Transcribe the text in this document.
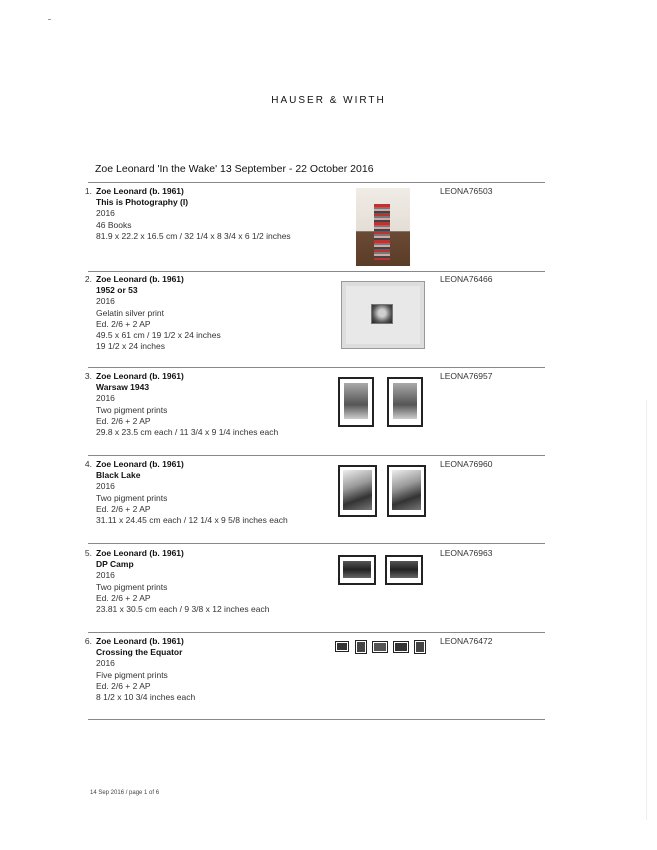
HAUSER & WIRTH
Zoe Leonard 'In the Wake' 13 September - 22 October 2016
1. Zoe Leonard (b. 1961)
This is Photography (I)
2016
46 Books
81.9 x 22.2 x 16.5 cm / 32 1/4 x 8 3/4 x 6 1/2 inches
LEONA76503
2. Zoe Leonard (b. 1961)
1952 or 53
2016
Gelatin silver print
Ed. 2/6 + 2 AP
49.5 x 61 cm / 19 1/2 x 24 inches
19 1/2 x 24 inches
LEONA76466
3. Zoe Leonard (b. 1961)
Warsaw 1943
2016
Two pigment prints
Ed. 2/6 + 2 AP
29.8 x 23.5 cm each / 11 3/4 x 9 1/4 inches each
LEONA76957
4. Zoe Leonard (b. 1961)
Black Lake
2016
Two pigment prints
Ed. 2/6 + 2 AP
31.11 x 24.45 cm each / 12 1/4 x 9 5/8 inches each
LEONA76960
5. Zoe Leonard (b. 1961)
DP Camp
2016
Two pigment prints
Ed. 2/6 + 2 AP
23.81 x 30.5 cm each / 9 3/8 x 12 inches each
LEONA76963
6. Zoe Leonard (b. 1961)
Crossing the Equator
2016
Five pigment prints
Ed. 2/6 + 2 AP
8 1/2 x 10 3/4 inches each
LEONA76472
14 Sep 2016 / page 1 of 6
